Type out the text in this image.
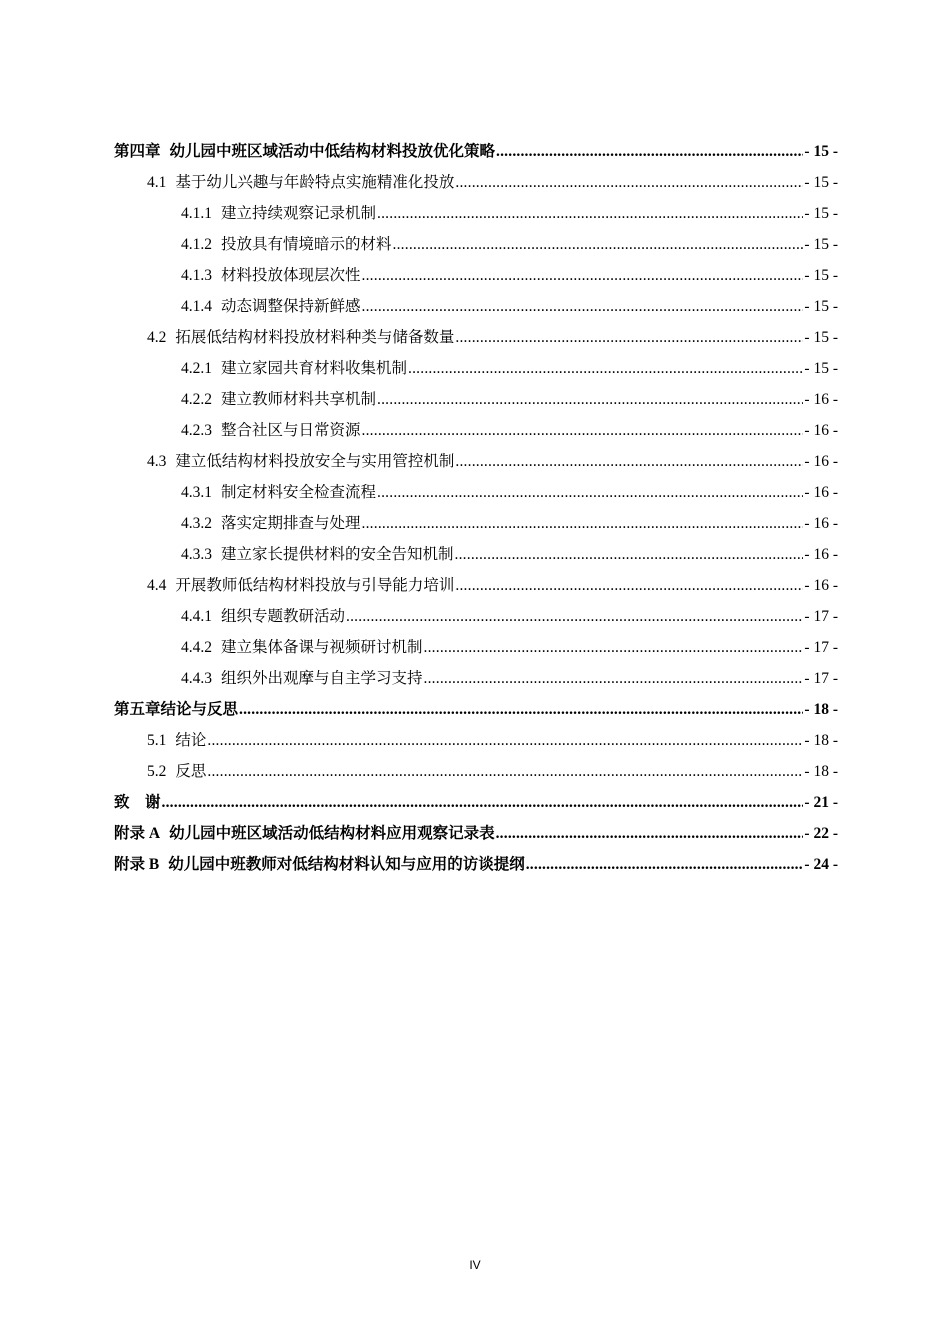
第四章 幼儿园中班区域活动中低结构材料投放优化策略 .....	- 15 -
4.1 基于幼儿兴趣与年龄特点实施精准化投放 .....	- 15 -
4.1.1 建立持续观察记录机制 .....	- 15 -
4.1.2 投放具有情境暗示的材料 .....	- 15 -
4.1.3 材料投放体现层次性 .....	- 15 -
4.1.4 动态调整保持新鲜感 .....	- 15 -
4.2 拓展低结构材料投放材料种类与储备数量 .....	- 15 -
4.2.1 建立家园共育材料收集机制 .....	- 15 -
4.2.2 建立教师材料共享机制 .....	- 16 -
4.2.3 整合社区与日常资源 .....	- 16 -
4.3 建立低结构材料投放安全与实用管控机制 .....	- 16 -
4.3.1 制定材料安全检查流程 .....	- 16 -
4.3.2 落实定期排查与处理 .....	- 16 -
4.3.3 建立家长提供材料的安全告知机制 .....	- 16 -
4.4 开展教师低结构材料投放与引导能力培训 .....	- 16 -
4.4.1 组织专题教研活动 .....	- 17 -
4.4.2 建立集体备课与视频研讨机制 .....	- 17 -
4.4.3 组织外出观摩与自主学习支持 .....	- 17 -
第五章结论与反思 .....	- 18 -
5.1 结论 .....	- 18 -
5.2 反思 .....	- 18 -
致　谢 .....	- 21 -
附录 A 幼儿园中班区域活动低结构材料应用观察记录表 .....	- 22 -
附录 B 幼儿园中班教师对低结构材料认知与应用的访谈提纲 .....	- 24 -
IV
